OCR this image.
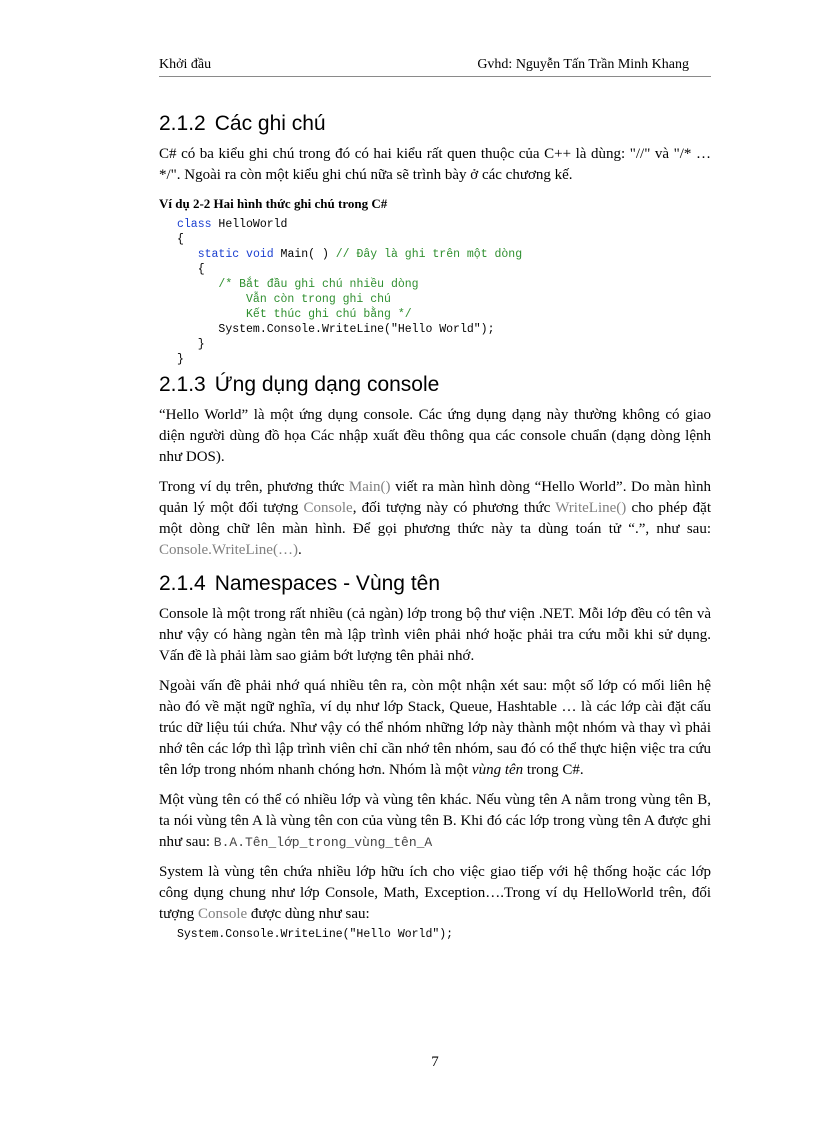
Khởi đầu	Gvhd: Nguyễn Tấn Trần Minh Khang
2.1.2 Các ghi chú

C# có ba kiểu ghi chú trong đó có hai kiểu rất quen thuộc của C++ là dùng: "//" và "/* … */". Ngoài ra còn một kiểu ghi chú nữa sẽ trình bày ở các chương kế.

Ví dụ 2-2 Hai hình thức ghi chú trong C#
class HelloWorld
{
static void Main( ) // Đây là ghi trên một dòng
{
/* Bắt đầu ghi chú nhiều dòng
Vẫn còn trong ghi chú
Kết thúc ghi chú bằng */
System.Console.WriteLine("Hello World");
}
}
2.1.3 Ứng dụng dạng console

“Hello World” là một ứng dụng console. Các ứng dụng dạng này thường không có giao diện người dùng đồ họa Các nhập xuất đều thông qua các console chuẩn (dạng dòng lệnh như DOS).

Trong ví dụ trên, phương thức Main() viết ra màn hình dòng “Hello World”. Do màn hình quản lý một đối tượng Console, đối tượng này có phương thức WriteLine() cho phép đặt một dòng chữ lên màn hình. Để gọi phương thức này ta dùng toán tử “.”, như sau: Console.WriteLine(…).

2.1.4 Namespaces - Vùng tên

Console là một trong rất nhiều (cả ngàn) lớp trong bộ thư viện .NET. Mỗi lớp đều có tên và như vậy có hàng ngàn tên mà lập trình viên phải nhớ hoặc phải tra cứu mỗi khi sử dụng. Vấn đề là phải làm sao giảm bớt lượng tên phải nhớ.

Ngoài vấn đề phải nhớ quá nhiều tên ra, còn một nhận xét sau: một số lớp có mối liên hệ nào đó về mặt ngữ nghĩa, ví dụ như lớp Stack, Queue, Hashtable … là các lớp cài đặt cấu trúc dữ liệu túi chứa. Như vậy có thể nhóm những lớp này thành một nhóm và thay vì phải nhớ tên các lớp thì lập trình viên chỉ cần nhớ tên nhóm, sau đó có thể thực hiện việc tra cứu tên lớp trong nhóm nhanh chóng hơn. Nhóm là một vùng tên trong C#.

Một vùng tên có thể có nhiều lớp và vùng tên khác. Nếu vùng tên A nằm trong vùng tên B, ta nói vùng tên A là vùng tên con của vùng tên B. Khi đó các lớp trong vùng tên A được ghi như sau: B.A.Tên_lớp_trong_vùng_tên_A

System là vùng tên chứa nhiều lớp hữu ích cho việc giao tiếp với hệ thống hoặc các lớp công dụng chung như lớp Console, Math, Exception….Trong ví dụ HelloWorld trên, đối tượng Console được dùng như sau:

System.Console.WriteLine("Hello World");
7
